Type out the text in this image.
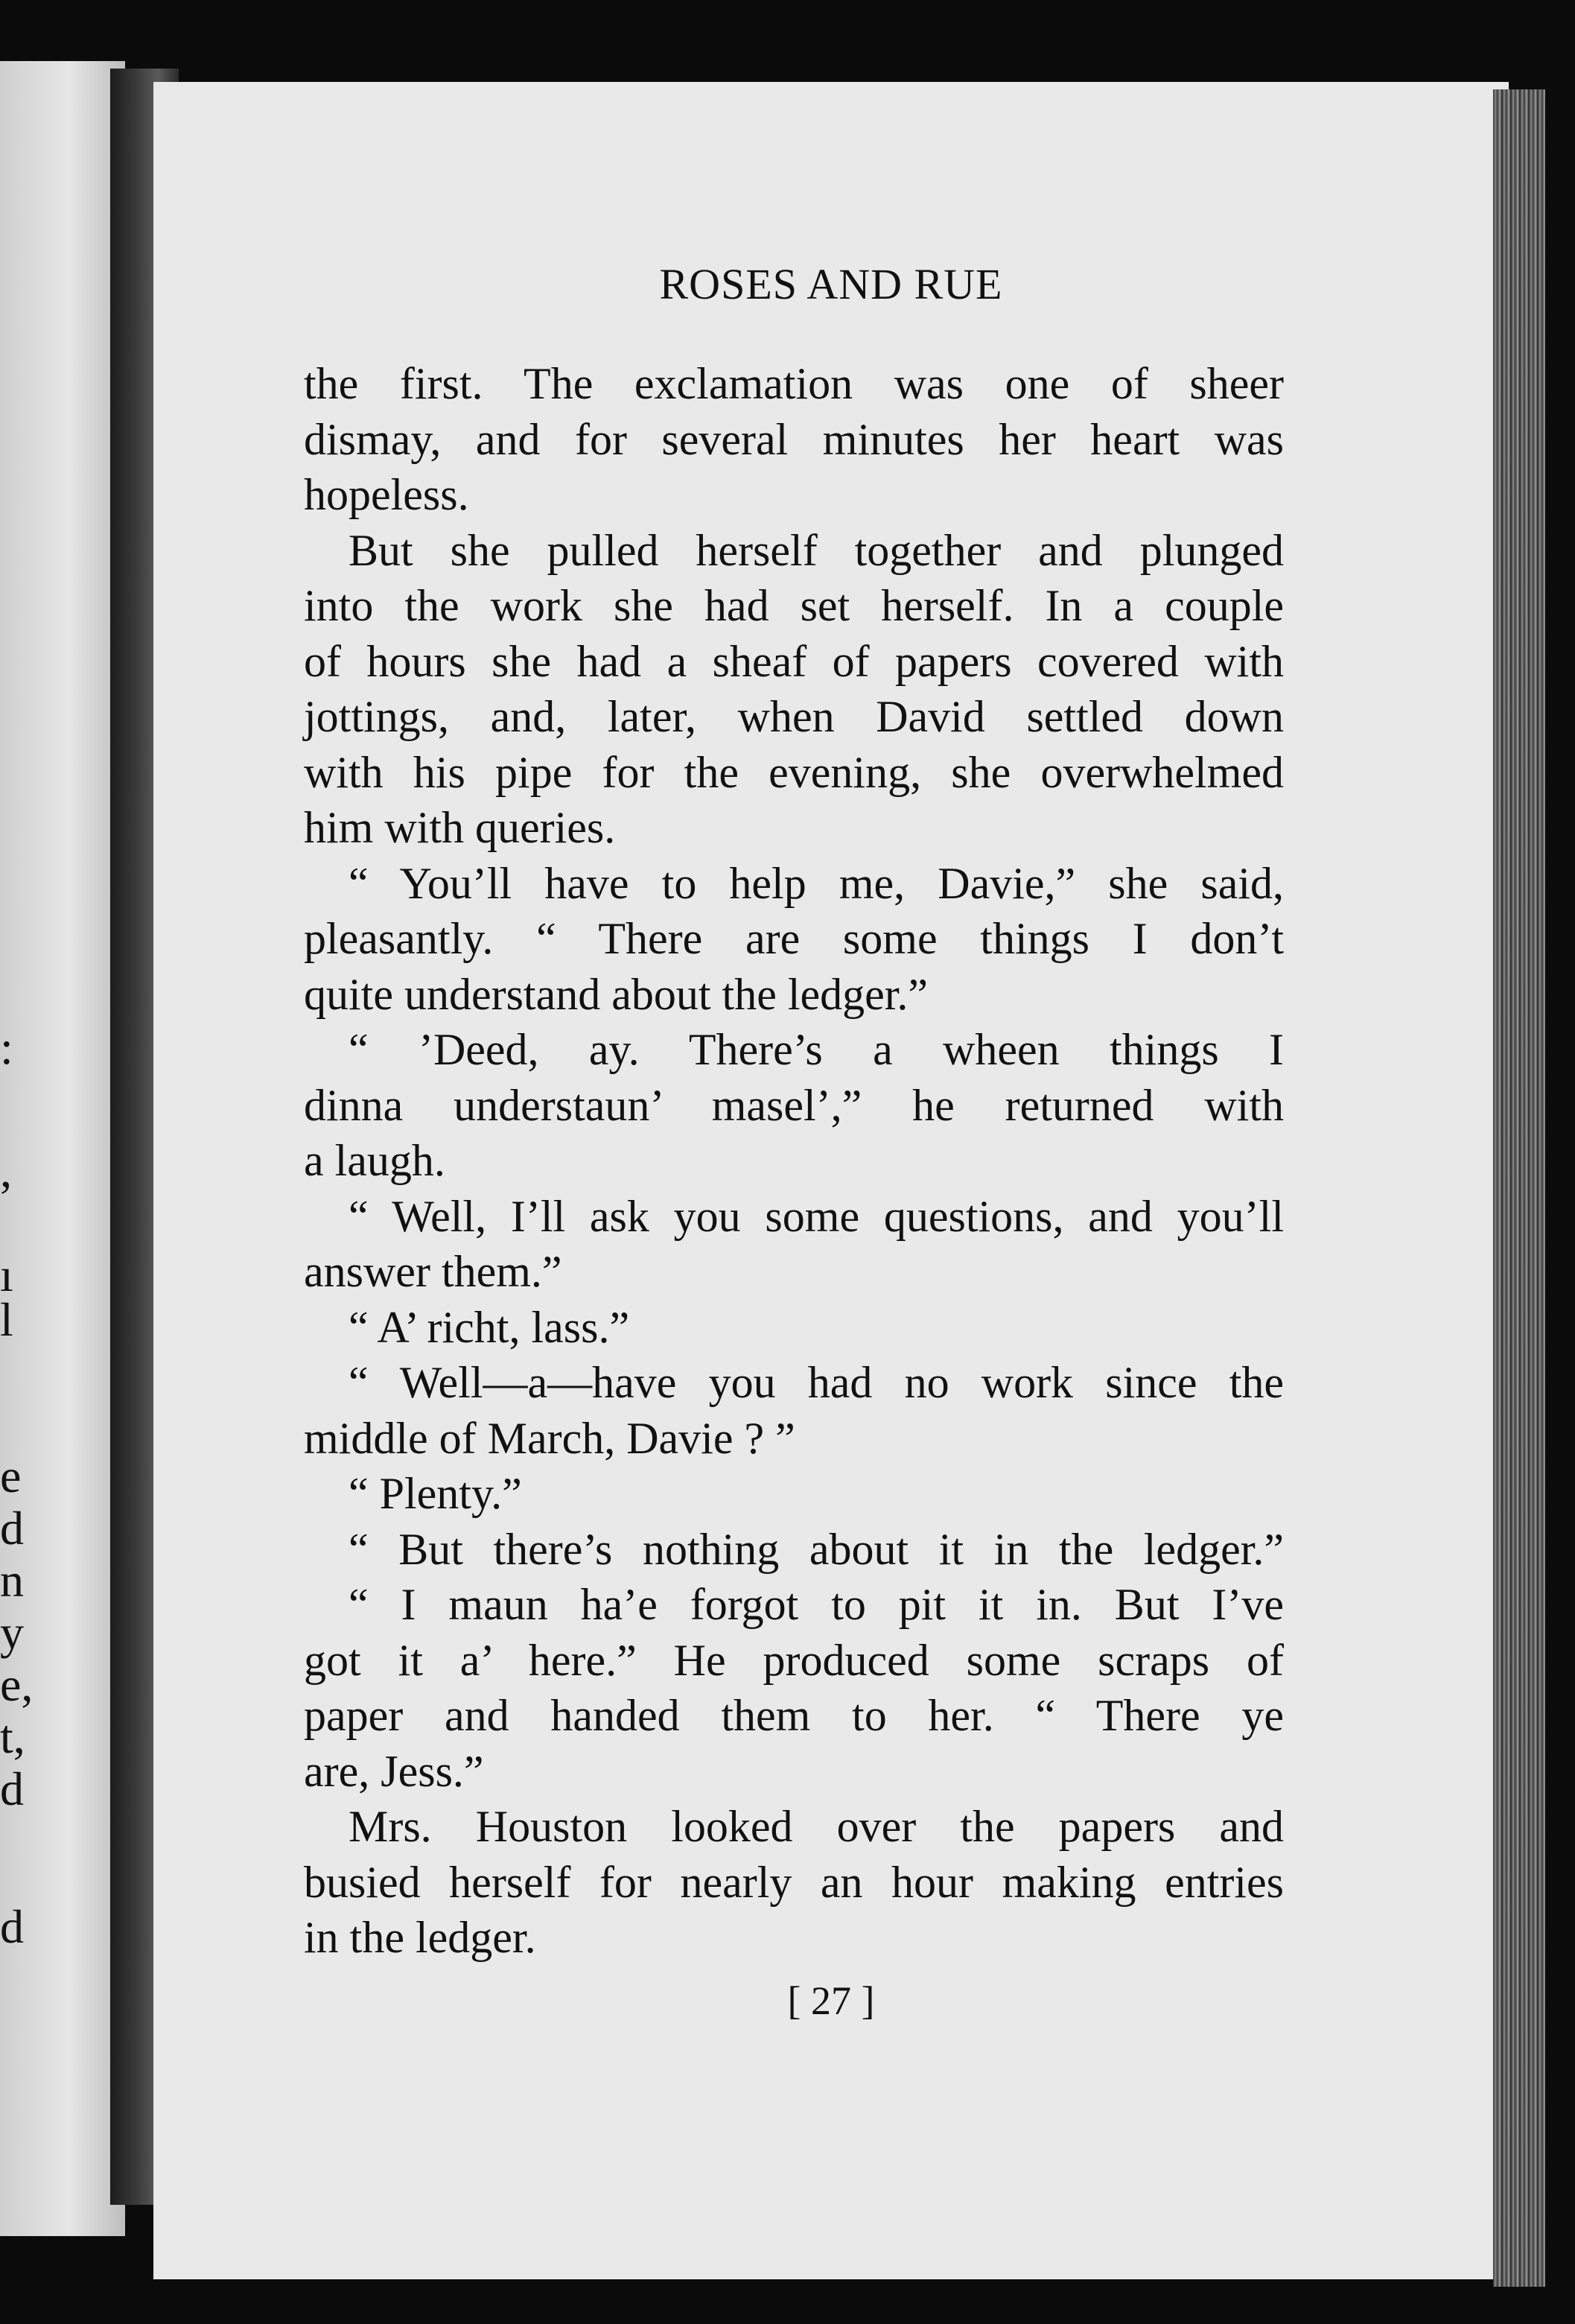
:
,
ı
l
e
d
n
y
e,
t,
d
d
ROSES AND RUE
the first. The exclamation was one of sheer
dismay, and for several minutes her heart was
hopeless.
But she pulled herself together and plunged
into the work she had set herself. In a couple
of hours she had a sheaf of papers covered with
jottings, and, later, when David settled down
with his pipe for the evening, she overwhelmed
him with queries.
“ You’ll have to help me, Davie,” she said,
pleasantly. “ There are some things I don’t
quite understand about the ledger.”
“ ’Deed, ay. There’s a wheen things I
dinna understaun’ masel’,” he returned with
a laugh.
“ Well, I’ll ask you some questions, and you’ll
answer them.”
“ A’ richt, lass.”
“ Well—a—have you had no work since the
middle of March, Davie ? ”
“ Plenty.”
“ But there’s nothing about it in the ledger.”
“ I maun ha’e forgot to pit it in. But I’ve
got it a’ here.” He produced some scraps of
paper and handed them to her. “ There ye
are, Jess.”
Mrs. Houston looked over the papers and
busied herself for nearly an hour making entries
in the ledger.
[ 27 ]
